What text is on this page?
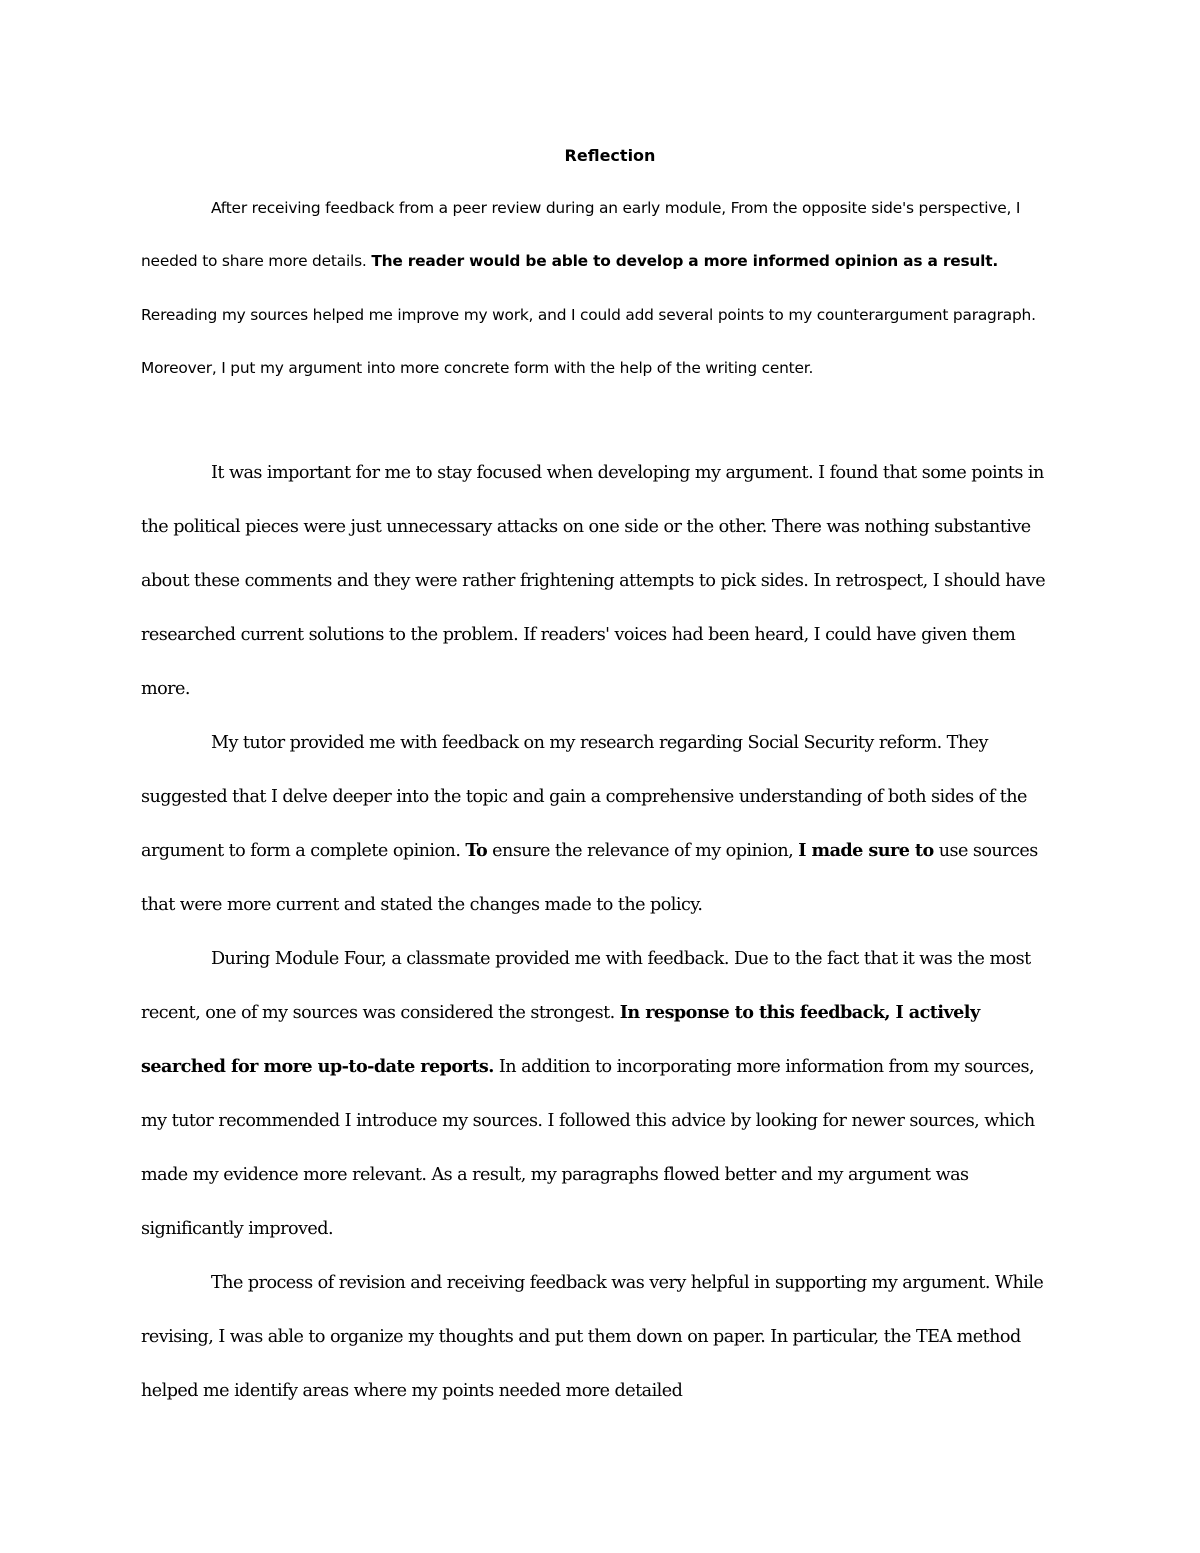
Reflection

After receiving feedback from a peer review during an early module, From the opposite side's perspective, I needed to share more details. The reader would be able to develop a more informed opinion as a result. Rereading my sources helped me improve my work, and I could add several points to my counterargument paragraph. Moreover, I put my argument into more concrete form with the help of the writing center.

It was important for me to stay focused when developing my argument. I found that some points in the political pieces were just unnecessary attacks on one side or the other. There was nothing substantive about these comments and they were rather frightening attempts to pick sides. In retrospect, I should have researched current solutions to the problem. If readers' voices had been heard, I could have given them more.

My tutor provided me with feedback on my research regarding Social Security reform. They suggested that I delve deeper into the topic and gain a comprehensive understanding of both sides of the argument to form a complete opinion. To ensure the relevance of my opinion, I made sure to use sources that were more current and stated the changes made to the policy.

During Module Four, a classmate provided me with feedback. Due to the fact that it was the most recent, one of my sources was considered the strongest. In response to this feedback, I actively searched for more up-to-date reports. In addition to incorporating more information from my sources, my tutor recommended I introduce my sources. I followed this advice by looking for newer sources, which made my evidence more relevant. As a result, my paragraphs flowed better and my argument was significantly improved.

The process of revision and receiving feedback was very helpful in supporting my argument. While revising, I was able to organize my thoughts and put them down on paper. In particular, the TEA method helped me identify areas where my points needed more detailed
